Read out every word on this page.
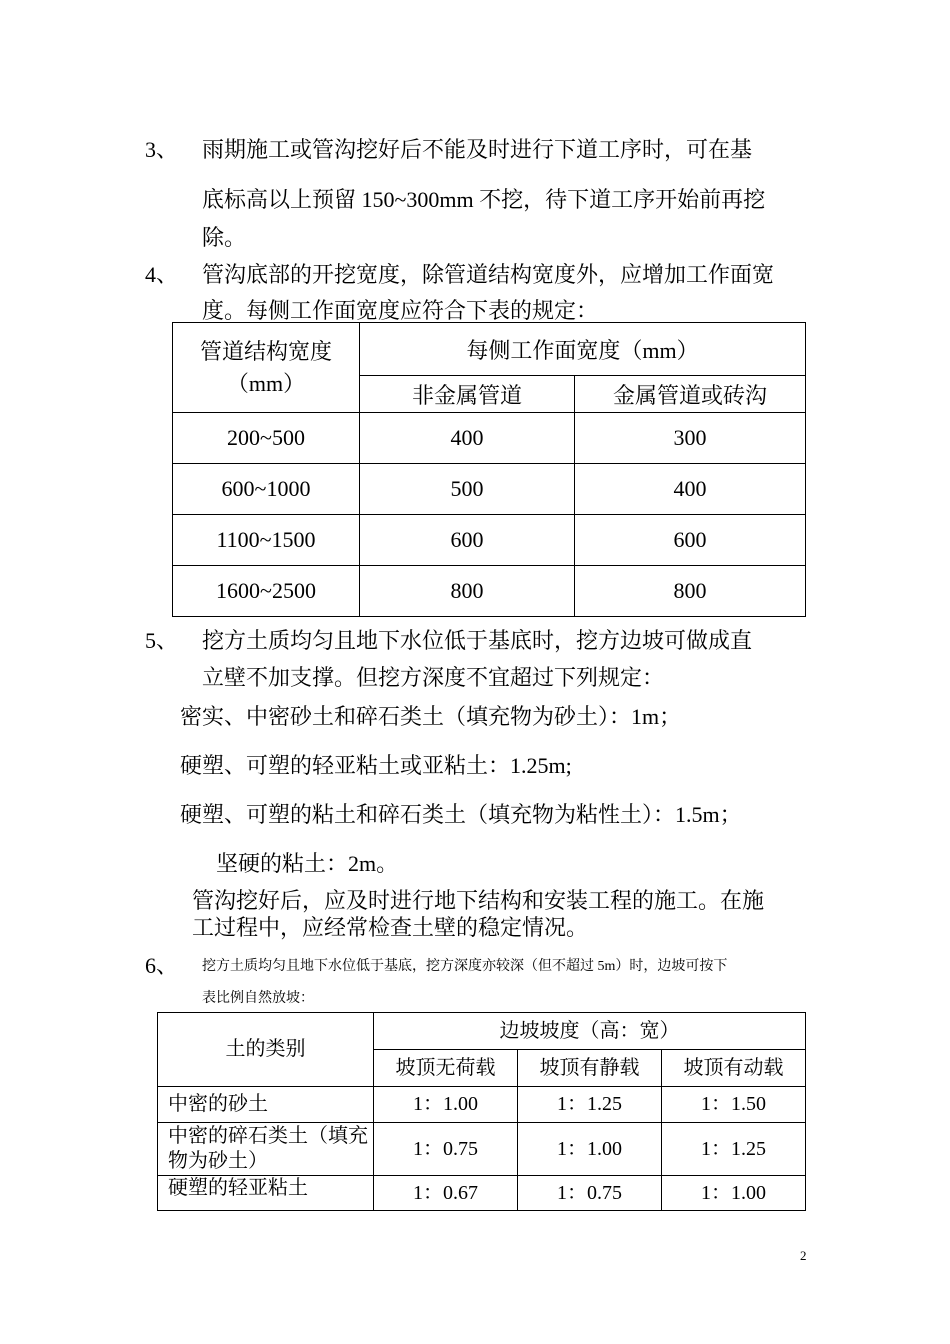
3、 雨期施工或管沟挖好后不能及时进行下道工序时，可在基
底标高以上预留 150~300mm 不挖，待下道工序开始前再挖
除。
4、 管沟底部的开挖宽度，除管道结构宽度外，应增加工作面宽
度。每侧工作面宽度应符合下表的规定：
管道结构宽度（mm）	每侧工作面宽度（mm）	
	非金属管道	金属管道或砖沟
200~500	400	300
600~1000	500	400
1100~1500	600	600
1600~2500	800	800
5、 挖方土质均匀且地下水位低于基底时，挖方边坡可做成直
立壁不加支撑。但挖方深度不宜超过下列规定：
密实、中密砂土和碎石类土（填充物为砂土）：1m；
硬塑、可塑的轻亚粘土或亚粘土：1.25m;
硬塑、可塑的粘土和碎石类土（填充物为粘性土）：1.5m；
坚硬的粘土：2m。
管沟挖好后，应及时进行地下结构和安装工程的施工。在施
工过程中，应经常检查土壁的稳定情况。
6、 挖方土质均匀且地下水位低于基底，挖方深度亦较深（但不超过 5m）时，边坡可按下
表比例自然放坡：
土的类别	边坡坡度（高：宽）		
	坡顶无荷载	坡顶有静载	坡顶有动载
中密的砂土	1：1.00	1：1.25	1：1.50
中密的碎石类土（填充物为砂土）	1：0.75	1：1.00	1：1.25
硬塑的轻亚粘土	1：0.67	1：0.75	1：1.00
2
